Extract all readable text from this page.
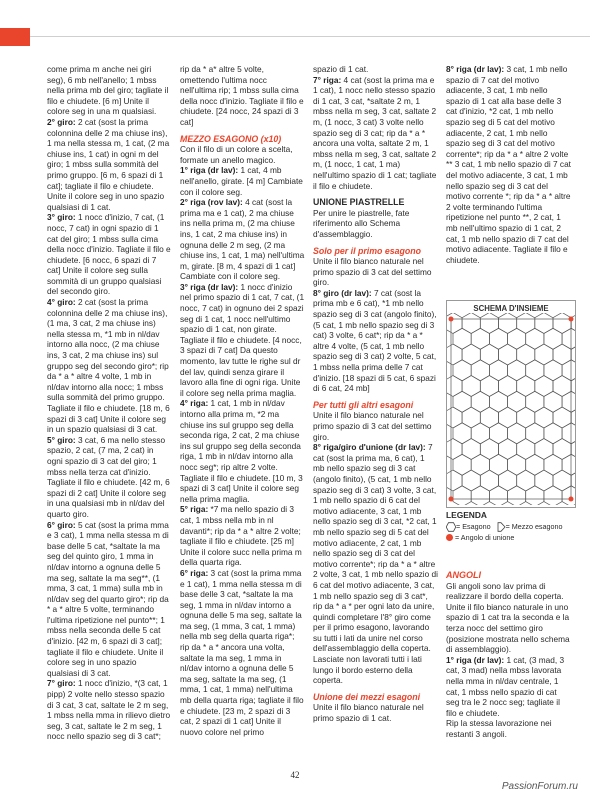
come prima m anche nei giri seg), 6 mb nell'anello; 1 mbss nella prima mb del giro; tagliate il filo e chiudete. [6 m] Unite il colore seg in una m qualsiasi.

2° giro: 2 cat (sost la prima colonnina delle 2 ma chiuse ins), 1 ma nella stessa m, 1 cat, (2 ma chiuse ins, 1 cat) in ogni m del giro; 1 mbss sulla sommità del primo gruppo. [6 m, 6 spazi di 1 cat]; tagliate il filo e chiudete. Unite il colore seg in uno spazio qualsiasi di 1 cat.

3° giro: 1 nocc d'inizio, 7 cat, (1 nocc, 7 cat) in ogni spazio di 1 cat del giro; 1 mbss sulla cima della nocc d'inizio. Tagliate il filo e chiudete. [6 nocc, 6 spazi di 7 cat] Unite il colore seg sulla sommità di un gruppo qualsiasi del secondo giro.

4° giro: 2 cat (sost la prima colonnina delle 2 ma chiuse ins), (1 ma, 3 cat, 2 ma chiuse ins) nella stessa m, *1 mb in nl/dav intorno alla nocc, (2 ma chiuse ins, 3 cat, 2 ma chiuse ins) sul gruppo seg del secondo giro*; rip da * a * altre 4 volte, 1 mb in nl/dav intorno alla nocc; 1 mbss sulla sommità del primo gruppo. Tagliate il filo e chiudete. [18 m, 6 spazi di 3 cat] Unite il colore seg in un spazio qualsiasi di 3 cat.

5° giro: 3 cat, 6 ma nello stesso spazio, 2 cat, (7 ma, 2 cat) in ogni spazio di 3 cat del giro; 1 mbss nella terza cat d'inizio. Tagliate il filo e chiudete. [42 m, 6 spazi di 2 cat] Unite il colore seg in una qualsiasi mb in nl/dav del quarto giro.

6° giro: 5 cat (sost la prima mma e 3 cat), 1 mma nella stessa m di base delle 5 cat, *saltate la ma seg del quinto giro, 1 mma in nl/dav intorno a ognuna delle 5 ma seg, saltate la ma seg**, (1 mma, 3 cat, 1 mma) sulla mb in nl/dav seg del quarto giro*; rip da * a * altre 5 volte, terminando l'ultima ripetizione nel punto**; 1 mbss nella seconda delle 5 cat d'inizio. [42 m, 6 spazi di 3 cat]; tagliate il filo e chiudete. Unite il colore seg in uno spazio qualsiasi di 3 cat.

7° giro: 1 nocc d'inizio, *(3 cat, 1 pipp) 2 volte nello stesso spazio di 3 cat, 3 cat, saltate le 2 m seg, 1 mbss nella mma in rilievo dietro seg, 3 cat, saltate le 2 m seg, 1 nocc nello spazio seg di 3 cat*;

rip da * a* altre 5 volte, omettendo l'ultima nocc nell'ultima rip; 1 mbss sulla cima della nocc d'inizio. Tagliate il filo e chiudete. [24 nocc, 24 spazi di 3 cat]

MEZZO ESAGONO (x10)

Con il filo di un colore a scelta, formate un anello magico.

1° riga (dr lav): 1 cat, 4 mb nell'anello, girate. [4 m] Cambiate con il colore seg.

2° riga (rov lav): 4 cat (sost la prima ma e 1 cat), 2 ma chiuse ins nella prima m, (2 ma chiuse ins, 1 cat, 2 ma chiuse ins) in ognuna delle 2 m seg, (2 ma chiuse ins, 1 cat, 1 ma) nell'ultima m, girate. [8 m, 4 spazi di 1 cat] Cambiate con il colore seg.

3° riga (dr lav): 1 nocc d'inizio nel primo spazio di 1 cat, 7 cat, (1 nocc, 7 cat) in ognuno dei 2 spazi seg di 1 cat, 1 nocc nell'ultimo spazio di 1 cat, non girate. Tagliate il filo e chiudete. [4 nocc, 3 spazi di 7 cat] Da questo momento, lav tutte le righe sul dr del lav, quindi senza girare il lavoro alla fine di ogni riga. Unite il colore seg nella prima maglia.

4° riga: 1 cat, 1 mb in nl/dav intorno alla prima m, *2 ma chiuse ins sul gruppo seg della seconda riga, 2 cat, 2 ma chiuse ins sul gruppo seg della seconda riga, 1 mb in nl/dav intorno alla nocc seg*; rip altre 2 volte. Tagliate il filo e chiudete. [10 m, 3 spazi di 3 cat] Unite il colore seg nella prima maglia.

5° riga: *7 ma nello spazio di 3 cat, 1 mbss nella mb in nl davanti*; rip da * a * altre 2 volte; tagliate il filo e chiudete. [25 m] Unite il colore succ nella prima m della quarta riga.

6° riga: 3 cat (sost la prima mma e 1 cat), 1 mma nella stessa m di base delle 3 cat, *saltate la ma seg, 1 mma in nl/dav intorno a ognuna delle 5 ma seg, saltate la ma seg, (1 mma, 3 cat, 1 mma) nella mb seg della quarta riga*; rip da * a * ancora una volta, saltate la ma seg, 1 mma in nl/dav intorno a ognuna delle 5 ma seg, saltate la ma seg, (1 mma, 1 cat, 1 mma) nell'ultima mb della quarta riga; tagliate il filo e chiudete. [23 m, 2 spazi di 3 cat, 2 spazi di 1 cat] Unite il nuovo colore nel primo

spazio di 1 cat.

7° riga: 4 cat (sost la prima ma e 1 cat), 1 nocc nello stesso spazio di 1 cat, 3 cat, *saltate 2 m, 1 mbss nella m seg, 3 cat, saltate 2 m, (1 nocc, 3 cat) 3 volte nello spazio seg di 3 cat; rip da * a * ancora una volta, saltate 2 m, 1 mbss nella m seg, 3 cat, saltate 2 m, (1 nocc, 1 cat, 1 ma) nell'ultimo spazio di 1 cat; tagliate il filo e chiudete.

UNIONE PIASTRELLE

Per unire le piastrelle, fate riferimento allo Schema d'assemblaggio.

Solo per il primo esagono

Unite il filo bianco naturale nel primo spazio di 3 cat del settimo giro.

8° giro (dr lav): 7 cat (sost la prima mb e 6 cat), *1 mb nello spazio seg di 3 cat (angolo finito), (5 cat, 1 mb nello spazio seg di 3 cat) 3 volte, 6 cat*; rip da * a * altre 4 volte, (5 cat, 1 mb nello spazio seg di 3 cat) 2 volte, 5 cat, 1 mbss nella prima delle 7 cat d'inizio. [18 spazi di 5 cat, 6 spazi di 6 cat, 24 mb]

Per tutti gli altri esagoni

Unite il filo bianco naturale nel primo spazio di 3 cat del settimo giro.

8° riga/giro d'unione (dr lav): 7 cat (sost la prima ma, 6 cat), 1 mb nello spazio seg di 3 cat (angolo finito), (5 cat, 1 mb nello spazio seg di 3 cat) 3 volte, 3 cat, 1 mb nello spazio di 6 cat del motivo adiacente, 3 cat, 1 mb nello spazio seg di 3 cat, *2 cat, 1 mb nello spazio seg di 5 cat del motivo adiacente, 2 cat, 1 mb nello spazio seg di 3 cat del motivo corrente*; rip da * a * altre 2 volte, 3 cat, 1 mb nello spazio di 6 cat del motivo adiacente, 3 cat, 1 mb nello spazio seg di 3 cat*, rip da * a * per ogni lato da unire, quindi completare l'8° giro come per il primo esagono, lavorando su tutti i lati da unire nel corso dell'assemblaggio della coperta. Lasciate non lavorati tutti i lati lungo il bordo esterno della coperta.

Unione dei mezzi esagoni

Unite il filo bianco naturale nel primo spazio di 1 cat.

8° riga (dr lav): 3 cat, 1 mb nello spazio di 7 cat del motivo adiacente, 3 cat, 1 mb nello spazio di 1 cat alla base delle 3 cat d'inizio, *2 cat, 1 mb nello spazio seg di 5 cat del motivo adiacente, 2 cat, 1 mb nello spazio seg di 3 cat del motivo corrente*; rip da * a * altre 2 volte ** 3 cat, 1 mb nello spazio di 7 cat del motivo adiacente, 3 cat, 1 mb nello spazio seg di 3 cat del motivo corrente *; rip da * a * altre 2 volte terminando l'ultima ripetizione nel punto **, 2 cat, 1 mb nell'ultimo spazio di 1 cat, 2 cat, 1 mb nello spazio di 7 cat del motivo adiacente. Tagliate il filo e chiudete.

SCHEMA D'INSIEME
LEGENDA
= Esagono = Mezzo esagono
= Angolo di unione

ANGOLI

Gli angoli sono lav prima di realizzare il bordo della coperta. Unite il filo bianco naturale in uno spazio di 1 cat tra la seconda e la terza nocc del settimo giro (posizione mostrata nello schema di assemblaggio).

1° riga (dr lav): 1 cat, (3 mad, 3 cat, 3 mad) nella mbss lavorata nella mma in nl/dav centrale, 1 cat, 1 mbss nello spazio di cat seg tra le 2 nocc seg; tagliate il filo e chiudete.

Rip la stessa lavorazione nei restanti 3 angoli.

42
PassionForum.ru
